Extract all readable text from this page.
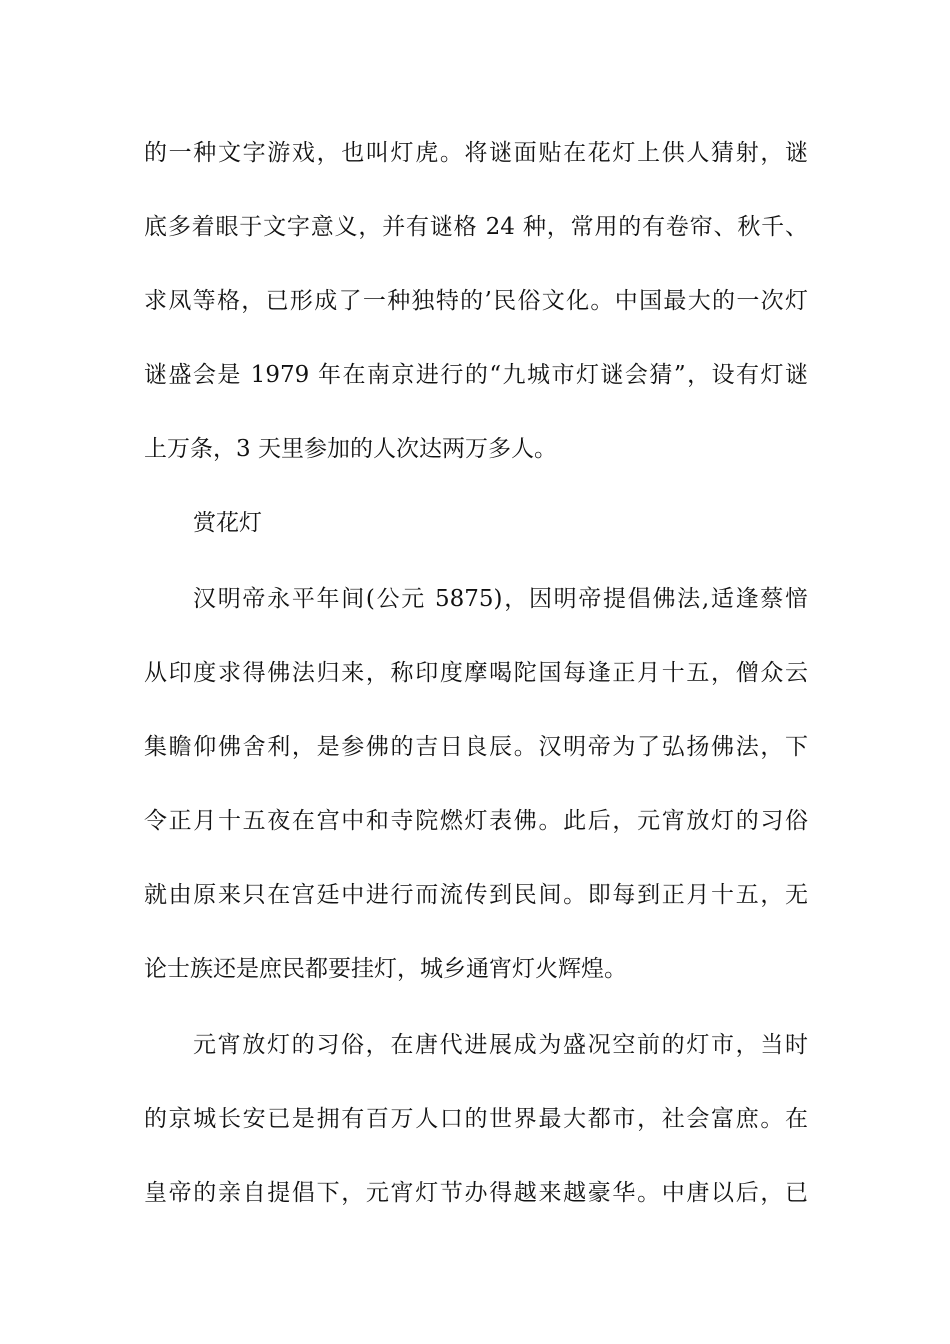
的一种文字游戏，也叫灯虎。将谜面贴在花灯上供人猜射，谜
底多着眼于文字意义，并有谜格 24 种，常用的有卷帘、秋千、
求凤等格，已形成了一种独特的’民俗文化。中国最大的一次灯
谜盛会是 1979 年在南京进行的“九城市灯谜会猜”，设有灯谜
上万条，3 天里参加的人次达两万多人。
赏花灯
汉明帝永平年间(公元 5875)，因明帝提倡佛法,适逢蔡愔
从印度求得佛法归来，称印度摩喝陀国每逢正月十五，僧众云
集瞻仰佛舍利，是参佛的吉日良辰。汉明帝为了弘扬佛法，下
令正月十五夜在宫中和寺院燃灯表佛。此后，元宵放灯的习俗
就由原来只在宫廷中进行而流传到民间。即每到正月十五，无
论士族还是庶民都要挂灯，城乡通宵灯火辉煌。
元宵放灯的习俗，在唐代进展成为盛况空前的灯市，当时
的京城长安已是拥有百万人口的世界最大都市，社会富庶。在
皇帝的亲自提倡下，元宵灯节办得越来越豪华。中唐以后，已
